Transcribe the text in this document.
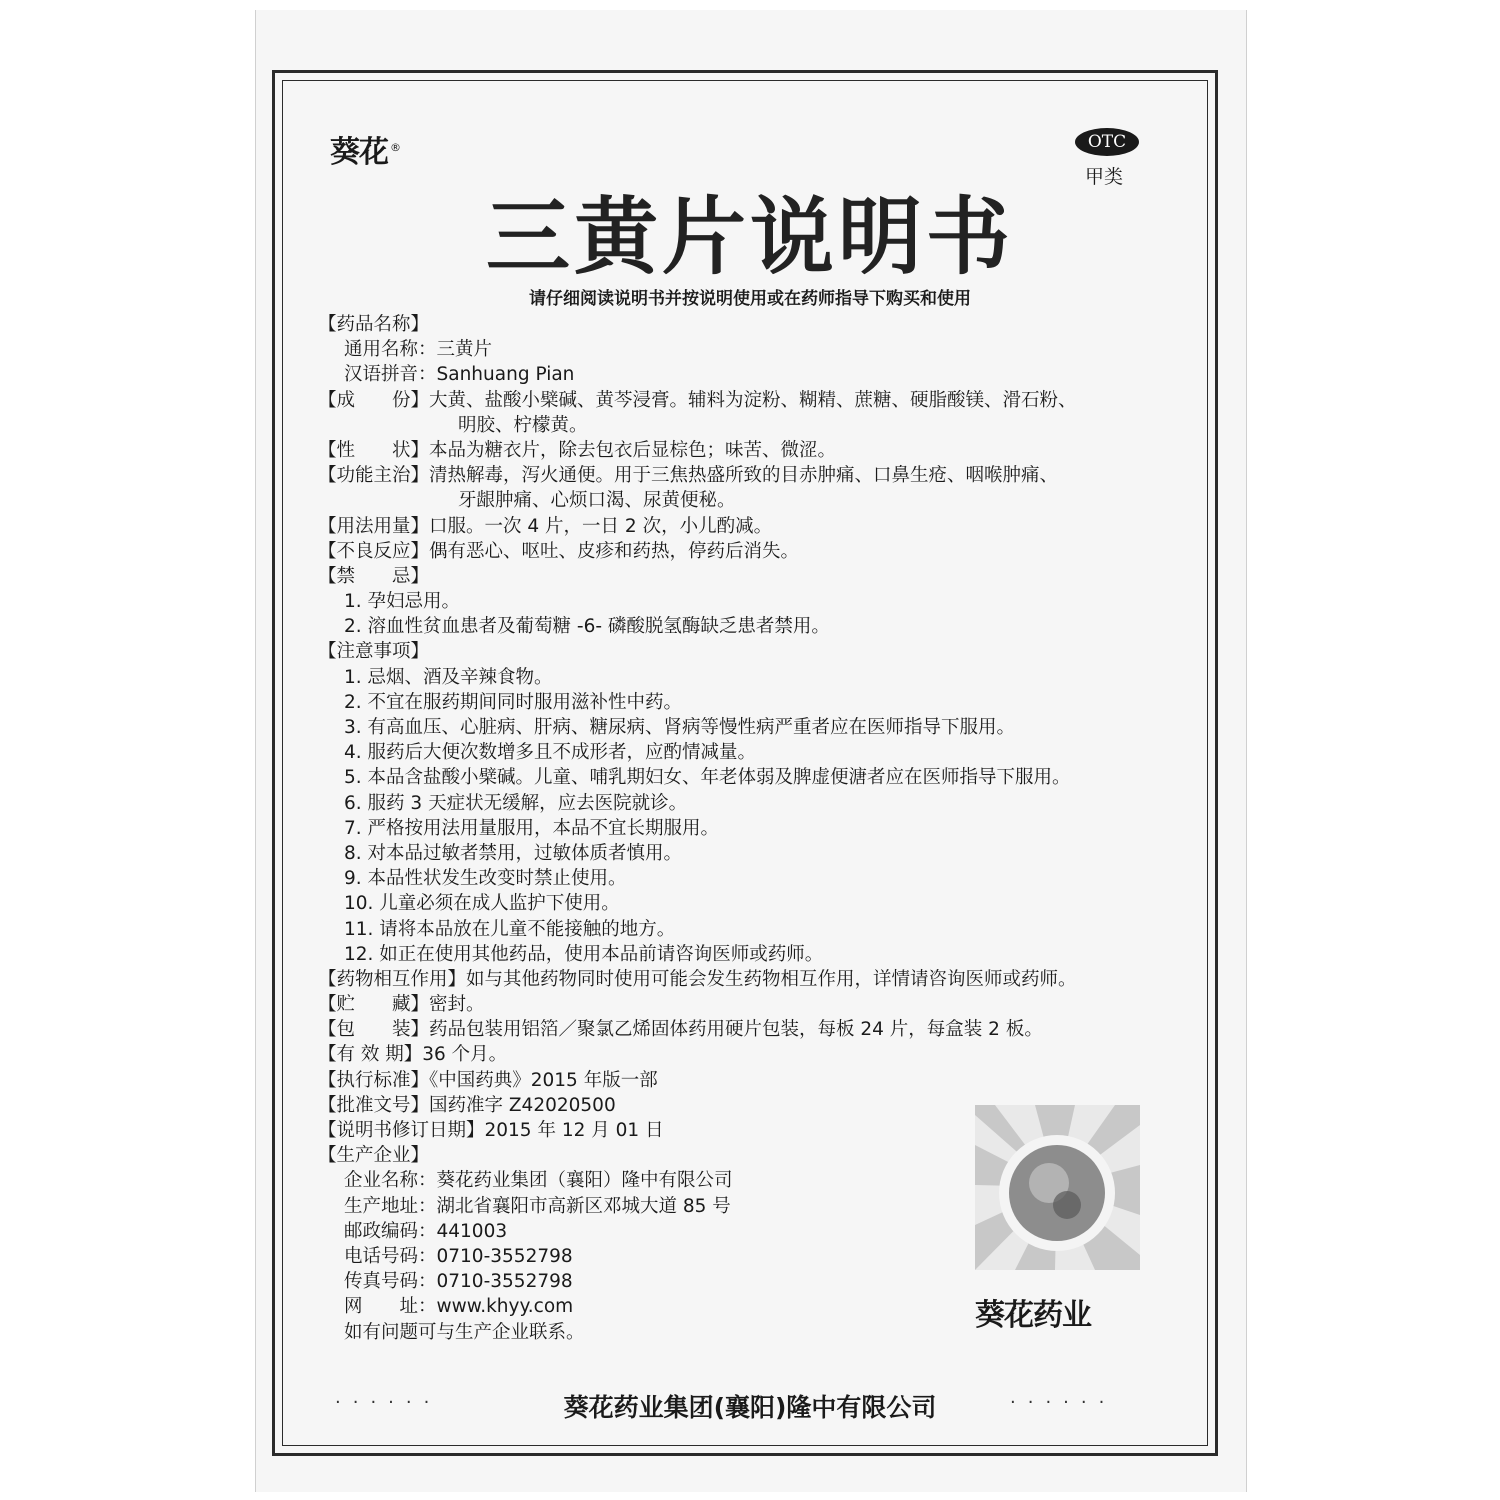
葵花 ®	OTC
甲类
三黄片说明书
请仔细阅读说明书并按说明使用或在药师指导下购买和使用
【药品名称】
通用名称：三黄片
汉语拼音：Sanhuang Pian
【成　　份】大黄、盐酸小檗碱、黄芩浸膏。辅料为淀粉、糊精、蔗糖、硬脂酸镁、滑石粉、
明胶、柠檬黄。
【性　　状】本品为糖衣片，除去包衣后显棕色；味苦、微涩。
【功能主治】清热解毒，泻火通便。用于三焦热盛所致的目赤肿痛、口鼻生疮、咽喉肿痛、
牙龈肿痛、心烦口渴、尿黄便秘。
【用法用量】口服。一次 4 片，一日 2 次，小儿酌减。
【不良反应】偶有恶心、呕吐、皮疹和药热，停药后消失。
【禁　　忌】
1. 孕妇忌用。
2. 溶血性贫血患者及葡萄糖 -6- 磷酸脱氢酶缺乏患者禁用。
【注意事项】
1. 忌烟、酒及辛辣食物。
2. 不宜在服药期间同时服用滋补性中药。
3. 有高血压、心脏病、肝病、糖尿病、肾病等慢性病严重者应在医师指导下服用。
4. 服药后大便次数增多且不成形者，应酌情减量。
5. 本品含盐酸小檗碱。儿童、哺乳期妇女、年老体弱及脾虚便溏者应在医师指导下服用。
6. 服药 3 天症状无缓解，应去医院就诊。
7. 严格按用法用量服用，本品不宜长期服用。
8. 对本品过敏者禁用，过敏体质者慎用。
9. 本品性状发生改变时禁止使用。
10. 儿童必须在成人监护下使用。
11. 请将本品放在儿童不能接触的地方。
12. 如正在使用其他药品，使用本品前请咨询医师或药师。
【药物相互作用】如与其他药物同时使用可能会发生药物相互作用，详情请咨询医师或药师。
【贮　　藏】密封。
【包　　装】药品包装用铝箔／聚氯乙烯固体药用硬片包装，每板 24 片，每盒装 2 板。
【有 效 期】36 个月。
【执行标准】《中国药典》2015 年版一部
【批准文号】国药准字 Z42020500
【说明书修订日期】2015 年 12 月 01 日
【生产企业】
企业名称：葵花药业集团（襄阳）隆中有限公司
生产地址：湖北省襄阳市高新区邓城大道 85 号
邮政编码：441003
电话号码：0710-3552798
传真号码：0710-3552798
网　　址：www.khyy.com
如有问题可与生产企业联系。	葵花药业
······	葵花药业集团(襄阳)隆中有限公司	······
